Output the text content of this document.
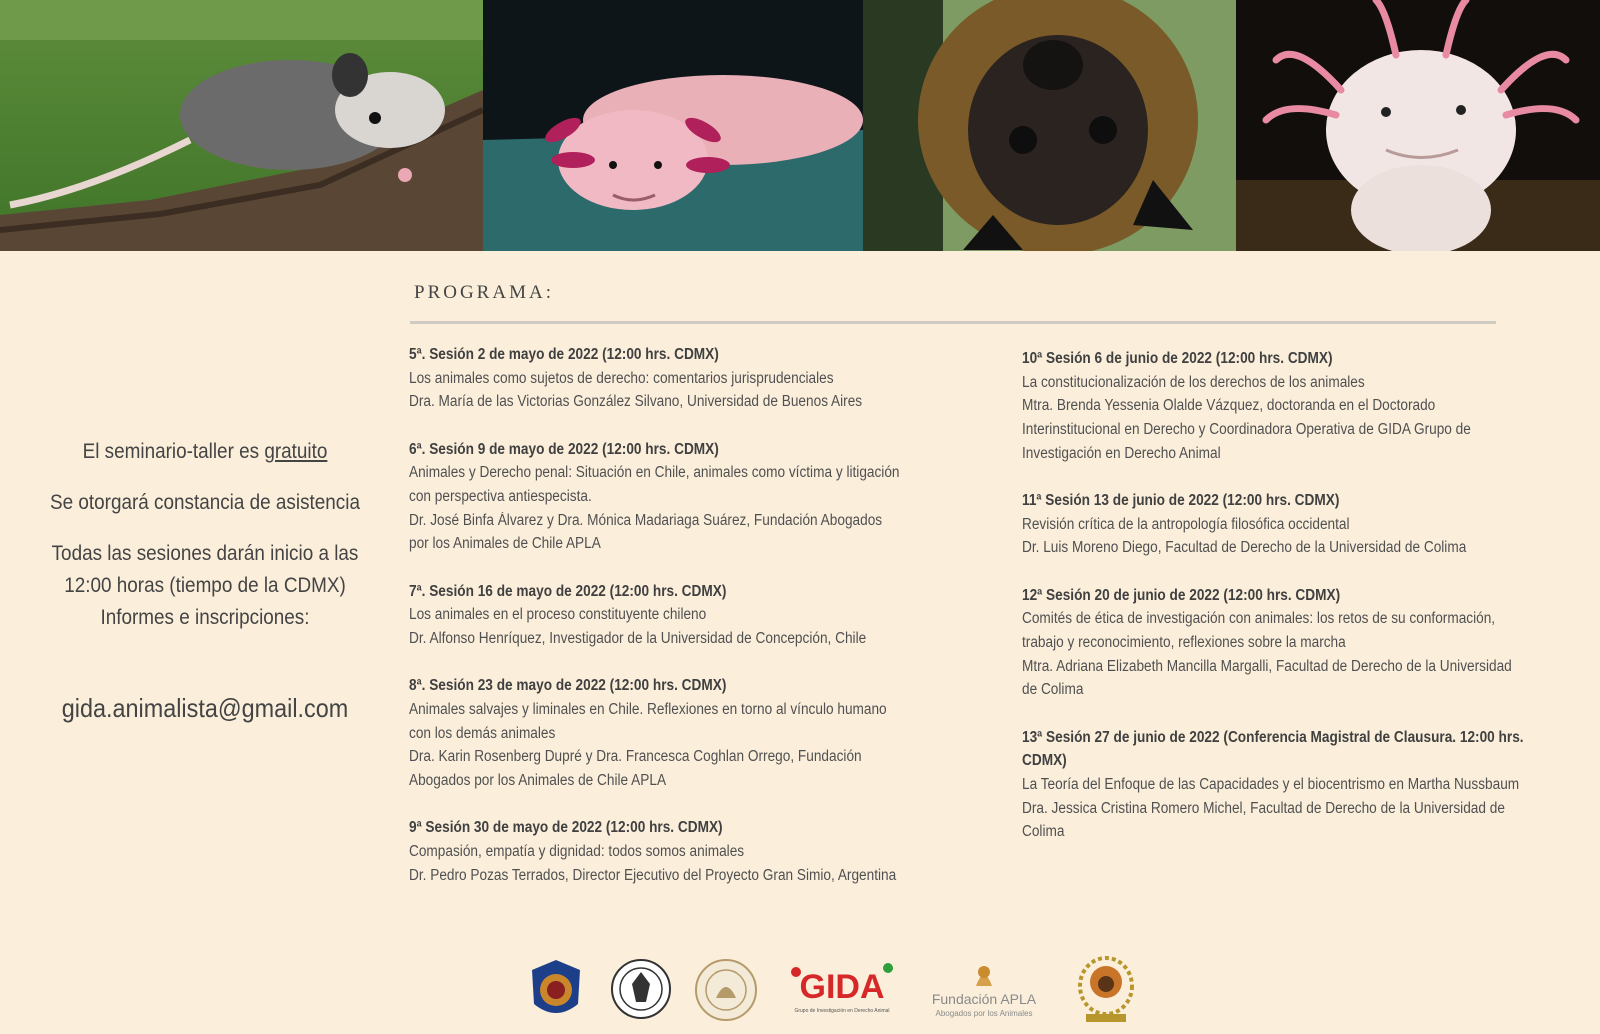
El seminario-taller es gratuito
Se otorgará constancia de asistencia
Todas las sesiones darán inicio a las
12:00 horas (tiempo de la CDMX)
Informes e inscripciones:
gida.animalista@gmail.com
PROGRAMA:
5ª. Sesión 2 de mayo de 2022 (12:00 hrs. CDMX)
Los animales como sujetos de derecho: comentarios jurisprudenciales
Dra. María de las Victorias González Silvano, Universidad de Buenos Aires
6ª. Sesión 9 de mayo de 2022 (12:00 hrs. CDMX)
Animales y Derecho penal: Situación en Chile, animales como víctima y litigación
con perspectiva antiespecista.
Dr. José Binfa Álvarez y Dra. Mónica Madariaga Suárez, Fundación Abogados
por los Animales de Chile APLA
7ª. Sesión 16 de mayo de 2022 (12:00 hrs. CDMX)
Los animales en el proceso constituyente chileno
Dr. Alfonso Henríquez, Investigador de la Universidad de Concepción, Chile
8ª. Sesión 23 de mayo de 2022 (12:00 hrs. CDMX)
Animales salvajes y liminales en Chile. Reflexiones en torno al vínculo humano
con los demás animales
Dra. Karin Rosenberg Dupré y Dra. Francesca Coghlan Orrego, Fundación
Abogados por los Animales de Chile APLA
9ª Sesión 30 de mayo de 2022 (12:00 hrs. CDMX)
Compasión, empatía y dignidad: todos somos animales
Dr. Pedro Pozas Terrados, Director Ejecutivo del Proyecto Gran Simio, Argentina
10ª Sesión 6 de junio de 2022 (12:00 hrs. CDMX)
La constitucionalización de los derechos de los animales
Mtra. Brenda Yessenia Olalde Vázquez, doctoranda en el Doctorado
Interinstitucional en Derecho y Coordinadora Operativa de GIDA Grupo de
Investigación en Derecho Animal
11ª Sesión 13 de junio de 2022 (12:00 hrs. CDMX)
Revisión crítica de la antropología filosófica occidental
Dr. Luis Moreno Diego, Facultad de Derecho de la Universidad de Colima
12ª Sesión 20 de junio de 2022 (12:00 hrs. CDMX)
Comités de ética de investigación con animales: los retos de su conformación,
trabajo y reconocimiento, reflexiones sobre la marcha
Mtra. Adriana Elizabeth Mancilla Margalli, Facultad de Derecho de la Universidad
de Colima
13ª Sesión 27 de junio de 2022 (Conferencia Magistral de Clausura. 12:00 hrs.
CDMX)
La Teoría del Enfoque de las Capacidades y el biocentrismo en Martha Nussbaum
Dra. Jessica Cristina Romero Michel, Facultad de Derecho de la Universidad de
Colima
GIDA
Grupo de Investigación en Derecho Animal
Fundación APLA
Abogados por los Animales
